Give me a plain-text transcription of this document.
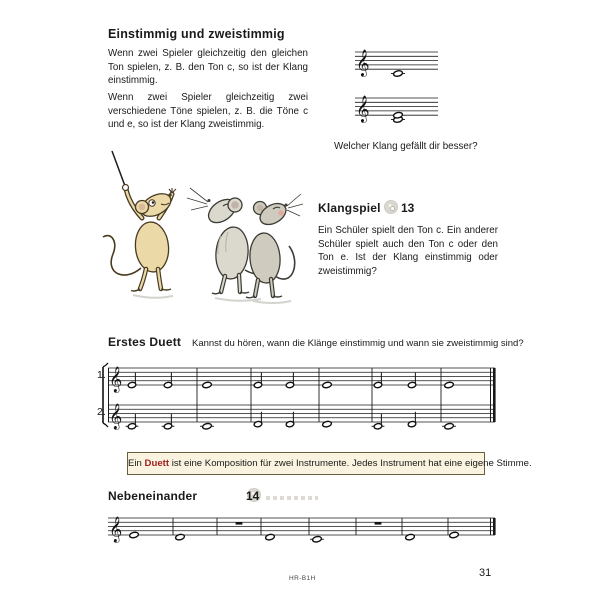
Einstimmig und zweistimmig
Wenn zwei Spieler gleichzeitig den gleichen Ton spielen, z. B. den Ton c, so ist der Klang einstimmig.
Wenn zwei Spieler gleichzeitig zwei verschiedene Töne spielen, z. B. die Töne c und e, so ist der Klang zweistimmig.
𝄞
𝄞
Welcher Klang gefällt dir besser?
Klangspiel
13
Ein Schüler spielt den Ton c. Ein anderer Schüler spielt auch den Ton c oder den Ton e. Ist der Klang einstimmig oder zweistimmig?
Erstes Duett Kannst du hören, wann die Klänge einstimmig und wann sie zweistimmig sind?
1.
2.
𝄞
𝄞
Ein Duett ist eine Komposition für zwei Instrumente. Jedes Instrument hat eine eigene Stimme.
Nebeneinander	14
𝄞
HR-B1H	31
